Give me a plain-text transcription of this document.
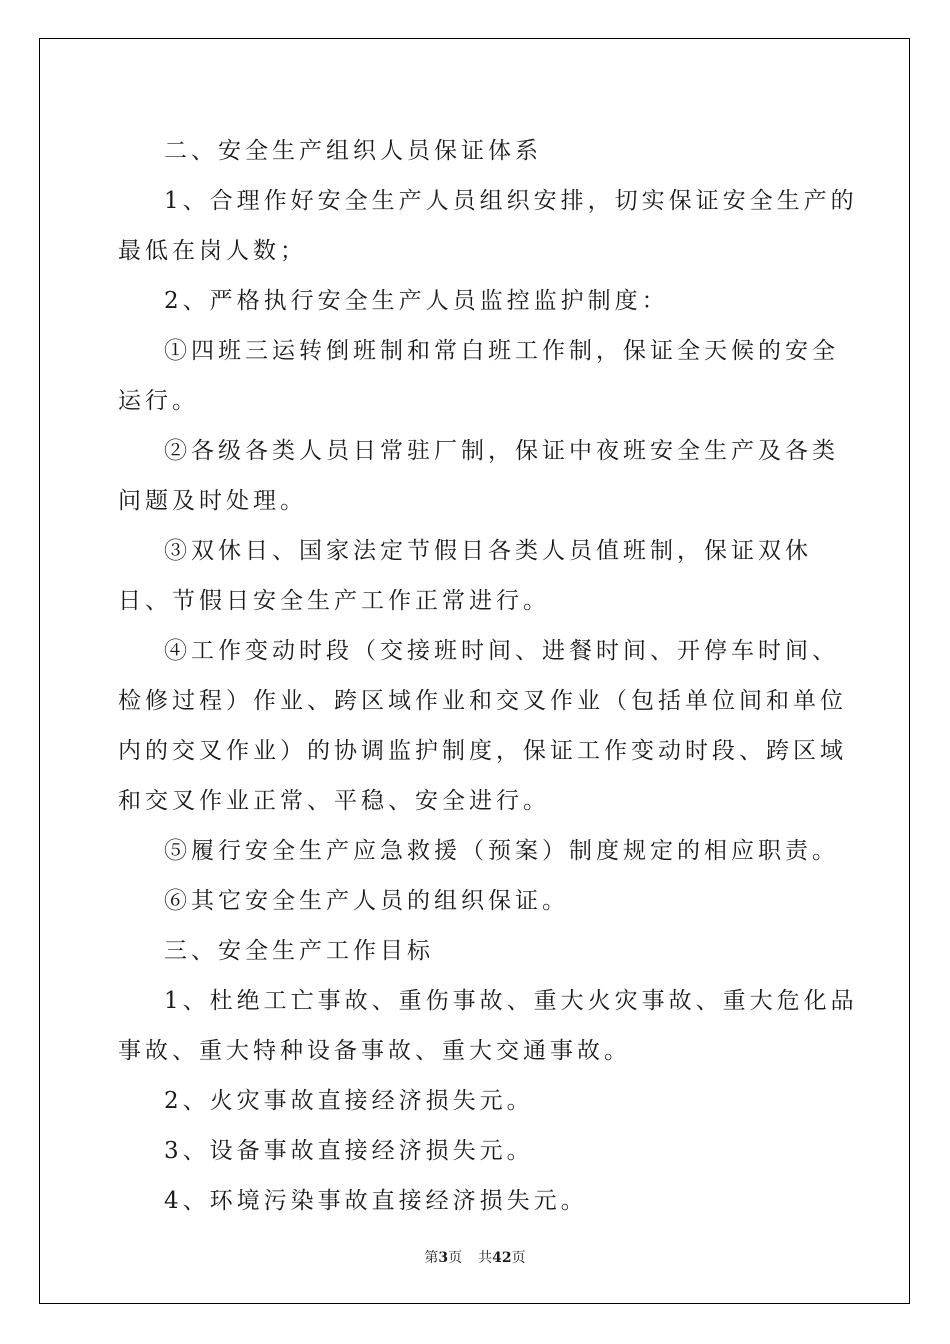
二、安全生产组织人员保证体系

1、合理作好安全生产人员组织安排，切实保证安全生产的最低在岗人数；

2、严格执行安全生产人员监控监护制度：

①四班三运转倒班制和常白班工作制，保证全天候的安全运行。

②各级各类人员日常驻厂制，保证中夜班安全生产及各类问题及时处理。

③双休日、国家法定节假日各类人员值班制，保证双休日、节假日安全生产工作正常进行。

④工作变动时段（交接班时间、进餐时间、开停车时间、检修过程）作业、跨区域作业和交叉作业（包括单位间和单位内的交叉作业）的协调监护制度，保证工作变动时段、跨区域和交叉作业正常、平稳、安全进行。

⑤履行安全生产应急救援（预案）制度规定的相应职责。

⑥其它安全生产人员的组织保证。

三、安全生产工作目标

1、杜绝工亡事故、重伤事故、重大火灾事故、重大危化品事故、重大特种设备事故、重大交通事故。

2、火灾事故直接经济损失元。

3、设备事故直接经济损失元。

4、环境污染事故直接经济损失元。

第3页 共42页
